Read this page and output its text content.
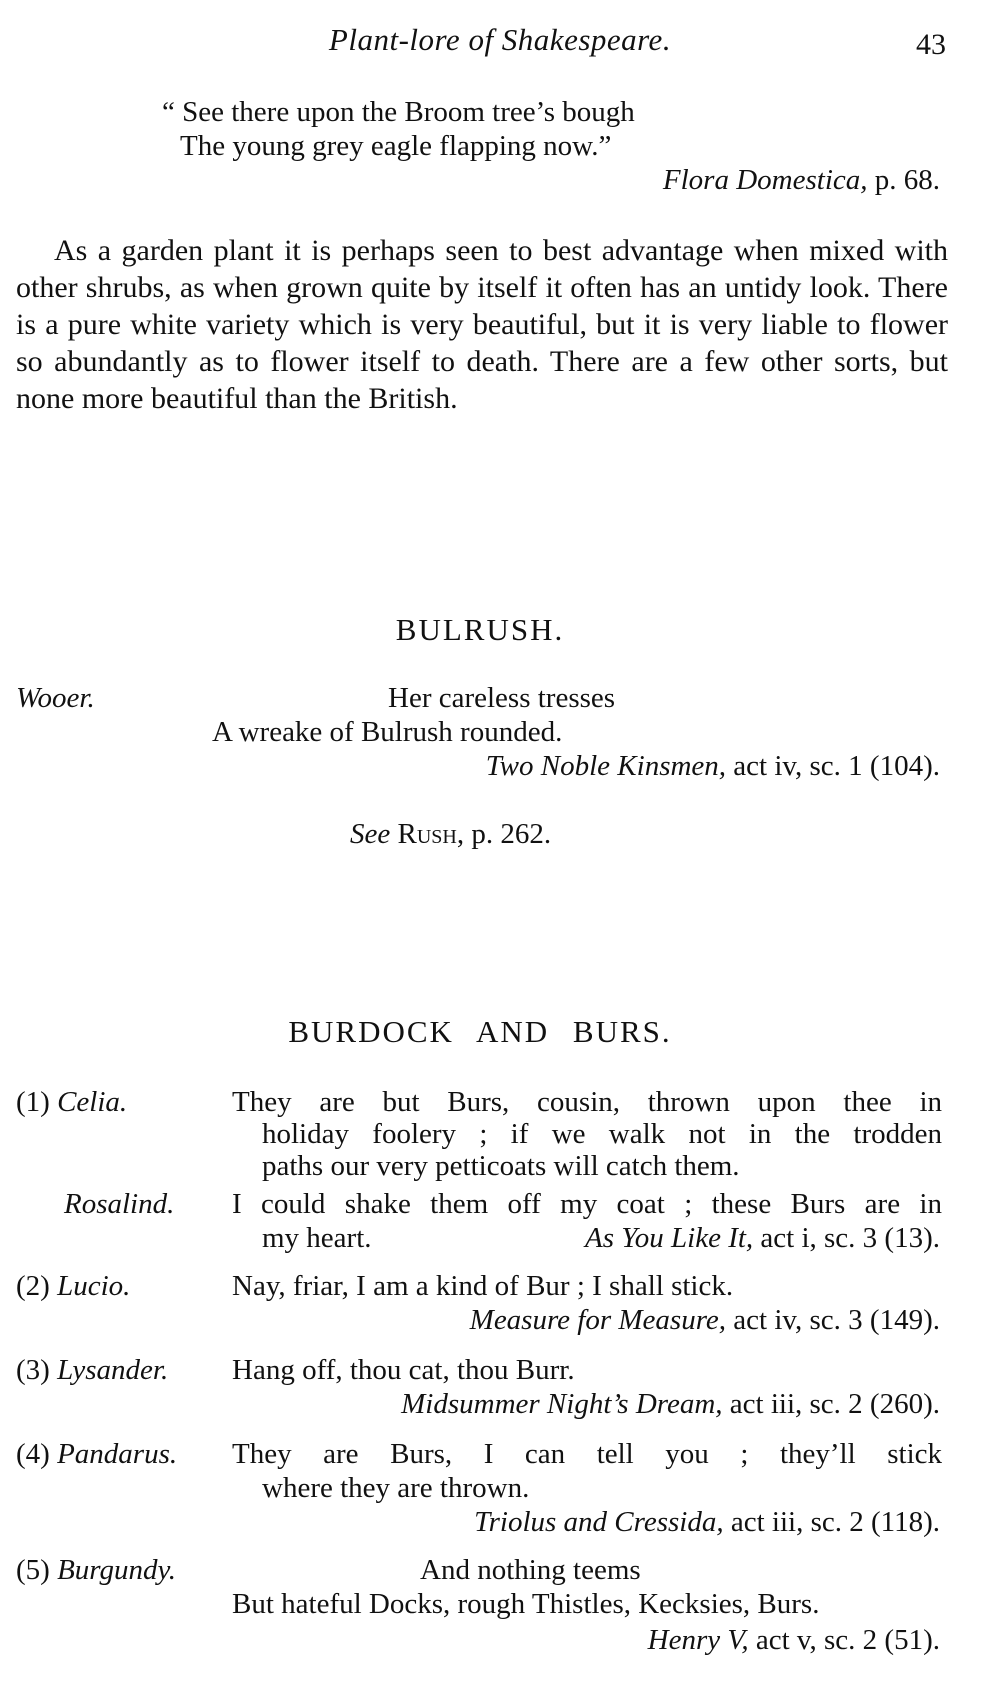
Plant-lore of Shakespeare.	43
“ See there upon the Broom tree’s bough
The young grey eagle flapping now.”
Flora Domestica, p. 68.
As a garden plant it is perhaps seen to best advantage when mixed with other shrubs, as when grown quite by itself it often has an untidy look. There is a pure white variety which is very beautiful, but it is very liable to flower so abundantly as to flower itself to death. There are a few other sorts, but none more beautiful than the British.
BULRUSH.
Wooer.	Her careless tresses
A wreake of Bulrush rounded.
Two Noble Kinsmen, act iv, sc. 1 (104).
See Rush, p. 262.
BURDOCK AND BURS.
(1) Celia.	They are but Burs, cousin, thrown upon thee in
holiday foolery ; if we walk not in the trodden
paths our very petticoats will catch them.
Rosalind. I could shake them off my coat ; these Burs are in
my heart.	As You Like It, act i, sc. 3 (13).
(2) Lucio.	Nay, friar, I am a kind of Bur ; I shall stick.
Measure for Measure, act iv, sc. 3 (149).
(3) Lysander. Hang off, thou cat, thou Burr.
Midsummer Night’s Dream, act iii, sc. 2 (260).
(4) Pandarus. They are Burs, I can tell you ; they’ll stick
where they are thrown.
Triolus and Cressida, act iii, sc. 2 (118).
(5) Burgundy.	And nothing teems
But hateful Docks, rough Thistles, Kecksies, Burs.
Henry V, act v, sc. 2 (51).
